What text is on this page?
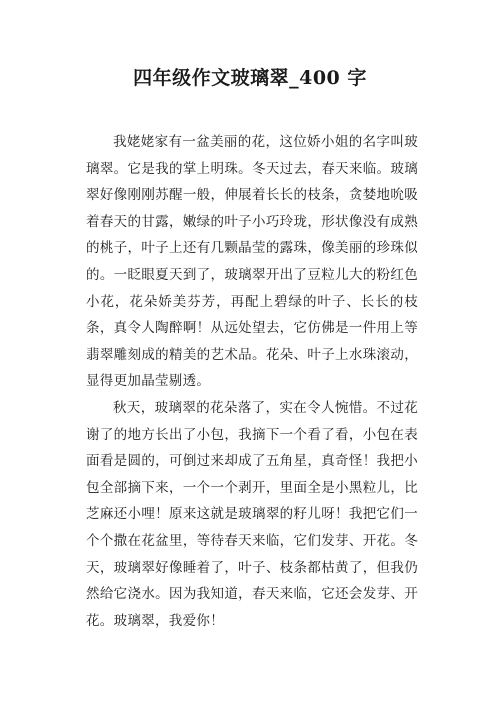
四年级作文玻璃翠_400 字

我姥姥家有一盆美丽的花，这位娇小姐的名字叫玻璃翠。它是我的掌上明珠。冬天过去，春天来临。玻璃翠好像刚刚苏醒一般，伸展着长长的枝条，贪婪地吮吸着春天的甘露，嫩绿的叶子小巧玲珑，形状像没有成熟的桃子，叶子上还有几颗晶莹的露珠，像美丽的珍珠似的。一眨眼夏天到了，玻璃翠开出了豆粒儿大的粉红色小花，花朵娇美芬芳，再配上碧绿的叶子、长长的枝条，真令人陶醉啊！从远处望去，它仿佛是一件用上等翡翠雕刻成的精美的艺术品。花朵、叶子上水珠滚动，显得更加晶莹剔透。

秋天，玻璃翠的花朵落了，实在令人惋惜。不过花谢了的地方长出了小包，我摘下一个看了看，小包在表面看是圆的，可倒过来却成了五角星，真奇怪！我把小包全部摘下来，一个一个剥开，里面全是小黑粒儿，比芝麻还小哩！原来这就是玻璃翠的籽儿呀！我把它们一个个撒在花盆里，等待春天来临，它们发芽、开花。冬天，玻璃翠好像睡着了，叶子、枝条都枯黄了，但我仍然给它浇水。因为我知道，春天来临，它还会发芽、开花。玻璃翠，我爱你！
